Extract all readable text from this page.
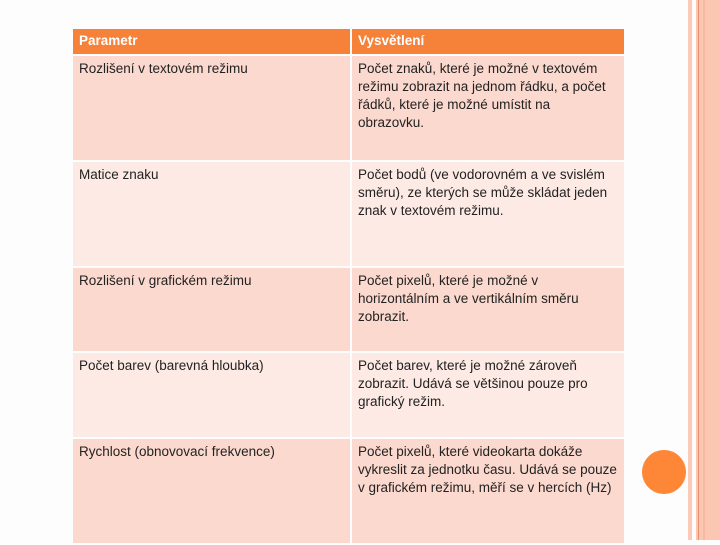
Parametr	Vysvětlení
Rozlišení v textovém režimu	Počet znaků, které je možné v textovém režimu zobrazit na jednom řádku, a počet řádků, které je možné umístit na obrazovku.
Matice znaku	Počet bodů (ve vodorovném a ve svislém směru), ze kterých se může skládat jeden znak v textovém režimu.
Rozlišení v grafickém režimu	Počet pixelů, které je možné v horizontálním a ve vertikálním směru zobrazit.
Počet barev (barevná hloubka)	Počet barev, které je možné zároveň zobrazit. Udává se většinou pouze pro grafický režim.
Rychlost (obnovovací frekvence)	Počet pixelů, které videokarta dokáže vykreslit za jednotku času. Udává se pouze v grafickém režimu, měří se v hercích (Hz)
